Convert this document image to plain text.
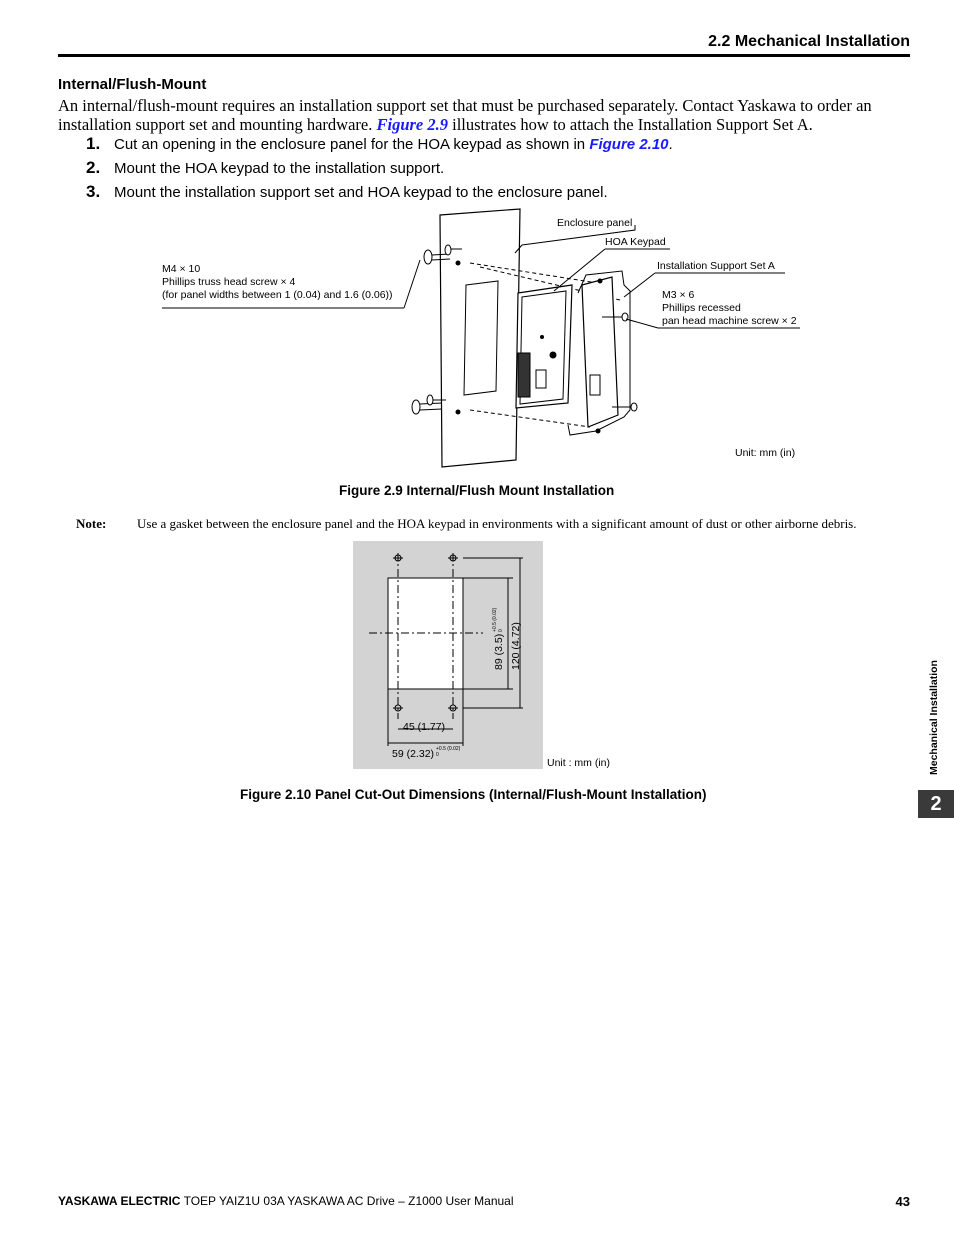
2.2 Mechanical Installation
Internal/Flush-Mount
An internal/flush-mount requires an installation support set that must be purchased separately. Contact Yaskawa to order an installation support set and mounting hardware. Figure 2.9 illustrates how to attach the Installation Support Set A.
1. Cut an opening in the enclosure panel for the HOA keypad as shown in Figure 2.10.
2. Mount the HOA keypad to the installation support.
3. Mount the installation support set and HOA keypad to the enclosure panel.
Enclosure panel
HOA Keypad
Installation Support Set A
M4 × 10
Phillips truss head screw × 4
(for panel widths between 1 (0.04) and 1.6 (0.06))	M3 × 6
Phillips recessed
pan head machine screw × 2
Unit: mm (in)
Figure 2.9 Internal/Flush Mount Installation
Note: Use a gasket between the enclosure panel and the HOA keypad in environments with a significant amount of dust or other airborne debris.
45 (1.77)
59 (2.32) +0.5 (0.02)
0
89 (3.5)
+0.5 (0.02) 0 120 (4.72)
Unit : mm (in)
Figure 2.10 Panel Cut-Out Dimensions (Internal/Flush-Mount Installation)
Mechanical Installation
2
YASKAWA ELECTRIC TOEP YAIZ1U 03A YASKAWA AC Drive – Z1000 User Manual	43
